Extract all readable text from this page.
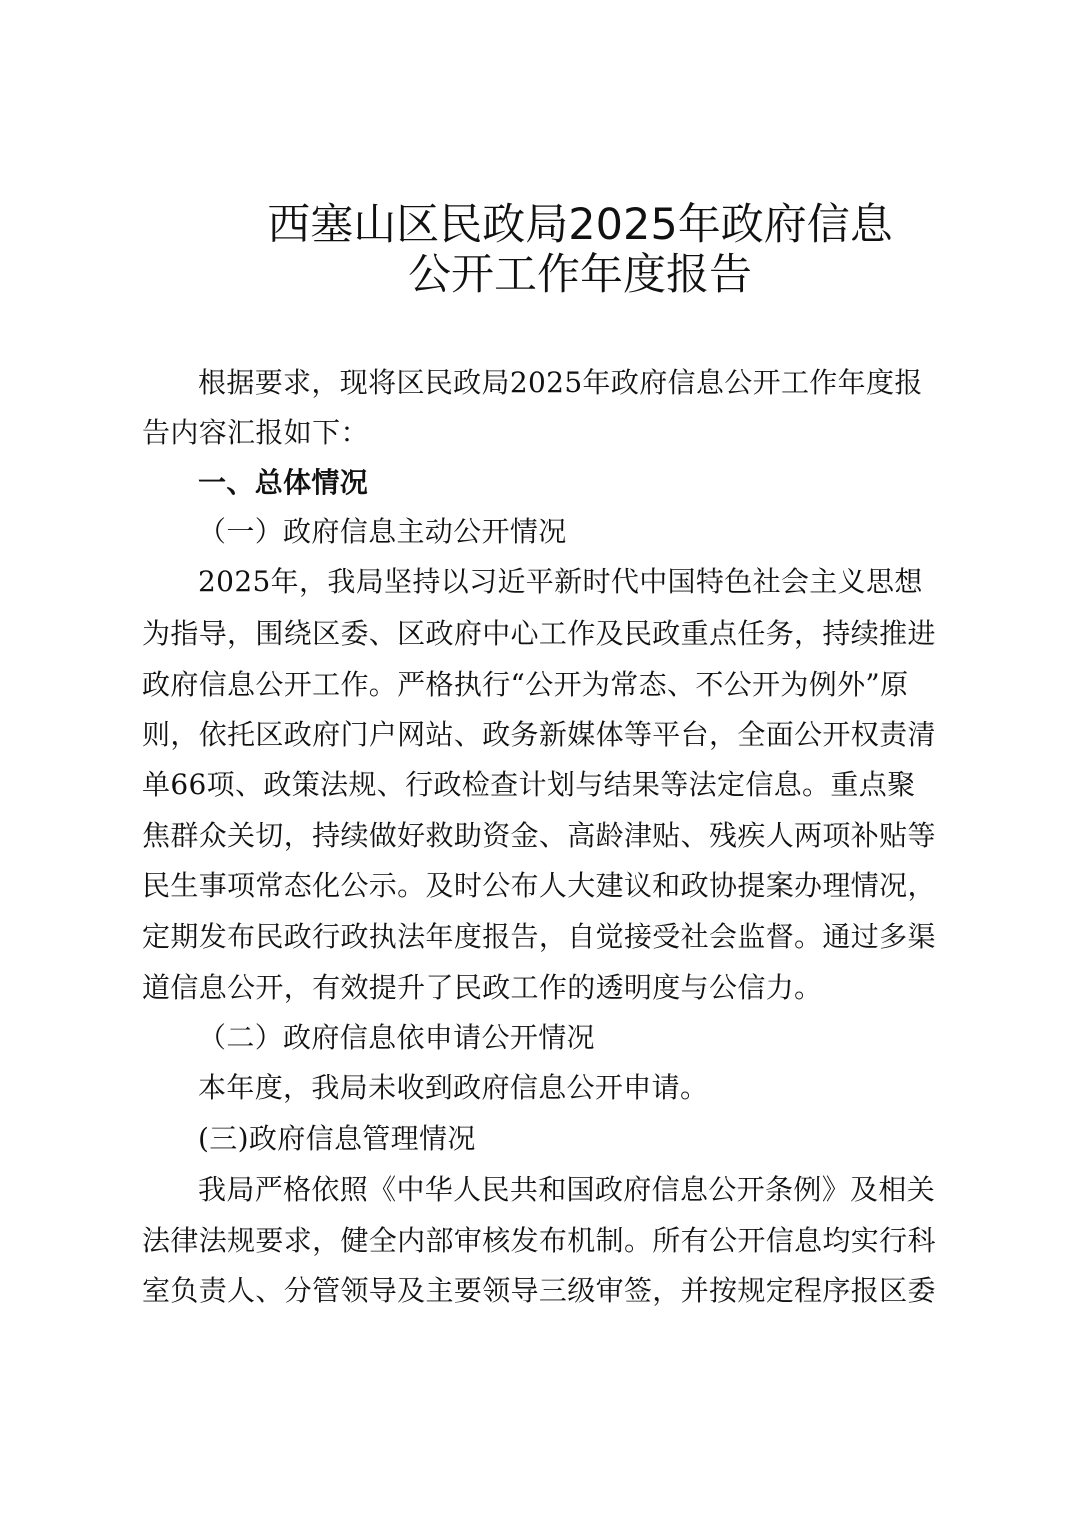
西塞山区民政局2025年政府信息
公开工作年度报告
根据要求，现将区民政局2025年政府信息公开工作年度报
告内容汇报如下：
一、总体情况
（一）政府信息主动公开情况
2025年，我局坚持以习近平新时代中国特色社会主义思想
为指导，围绕区委、区政府中心工作及民政重点任务，持续推进
政府信息公开工作。严格执行“公开为常态、不公开为例外”原
则，依托区政府门户网站、政务新媒体等平台，全面公开权责清
单66项、政策法规、行政检查计划与结果等法定信息。重点聚
焦群众关切，持续做好救助资金、高龄津贴、残疾人两项补贴等
民生事项常态化公示。及时公布人大建议和政协提案办理情况，
定期发布民政行政执法年度报告，自觉接受社会监督。通过多渠
道信息公开，有效提升了民政工作的透明度与公信力。
（二）政府信息依申请公开情况
本年度，我局未收到政府信息公开申请。
(三)政府信息管理情况
我局严格依照《中华人民共和国政府信息公开条例》及相关
法律法规要求，健全内部审核发布机制。所有公开信息均实行科
室负责人、分管领导及主要领导三级审签，并按规定程序报区委
